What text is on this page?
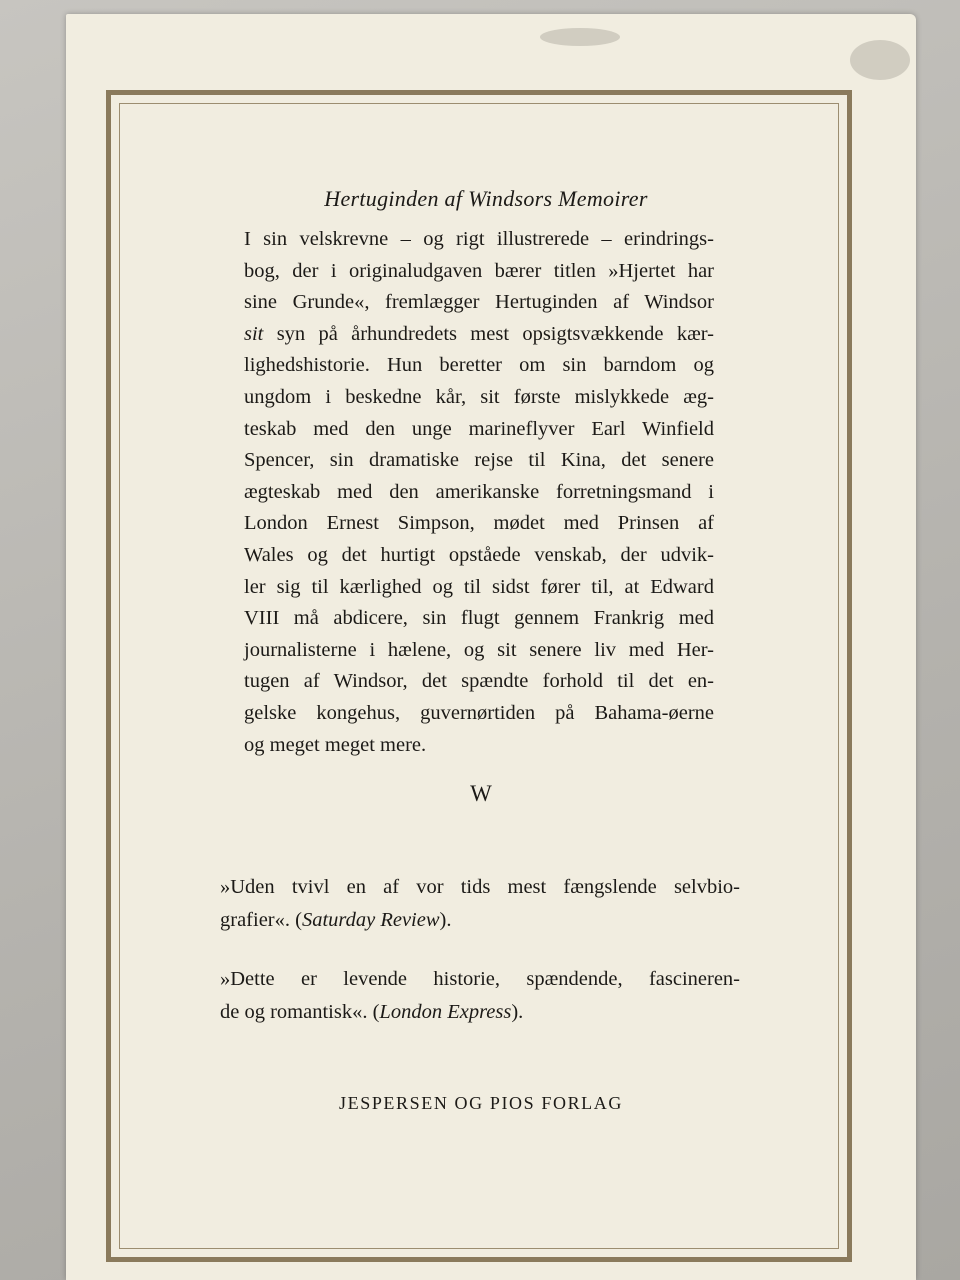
Hertuginden af Windsors Memoirer
I sin velskrevne – og rigt illustrerede – erindrings-
bog, der i originaludgaven bærer titlen »Hjertet har
sine Grunde«, fremlægger Hertuginden af Windsor
sit syn på århundredets mest opsigtsvækkende kær-
lighedshistorie. Hun beretter om sin barndom og
ungdom i beskedne kår, sit første mislykkede æg-
teskab med den unge marineflyver Earl Winfield
Spencer, sin dramatiske rejse til Kina, det senere
ægteskab med den amerikanske forretningsmand i
London Ernest Simpson, mødet med Prinsen af
Wales og det hurtigt opståede venskab, der udvik-
ler sig til kærlighed og til sidst fører til, at Edward
VIII må abdicere, sin flugt gennem Frankrig med
journalisterne i hælene, og sit senere liv med Her-
tugen af Windsor, det spændte forhold til det en-
gelske kongehus, guvernørtiden på Bahama-øerne
og meget meget mere.
W
»Uden tvivl en af vor tids mest fængslende selvbio-
grafier«. (Saturday Review).
»Dette er levende historie, spændende, fascineren-
de og romantisk«. (London Express).
JESPERSEN OG PIOS FORLAG
